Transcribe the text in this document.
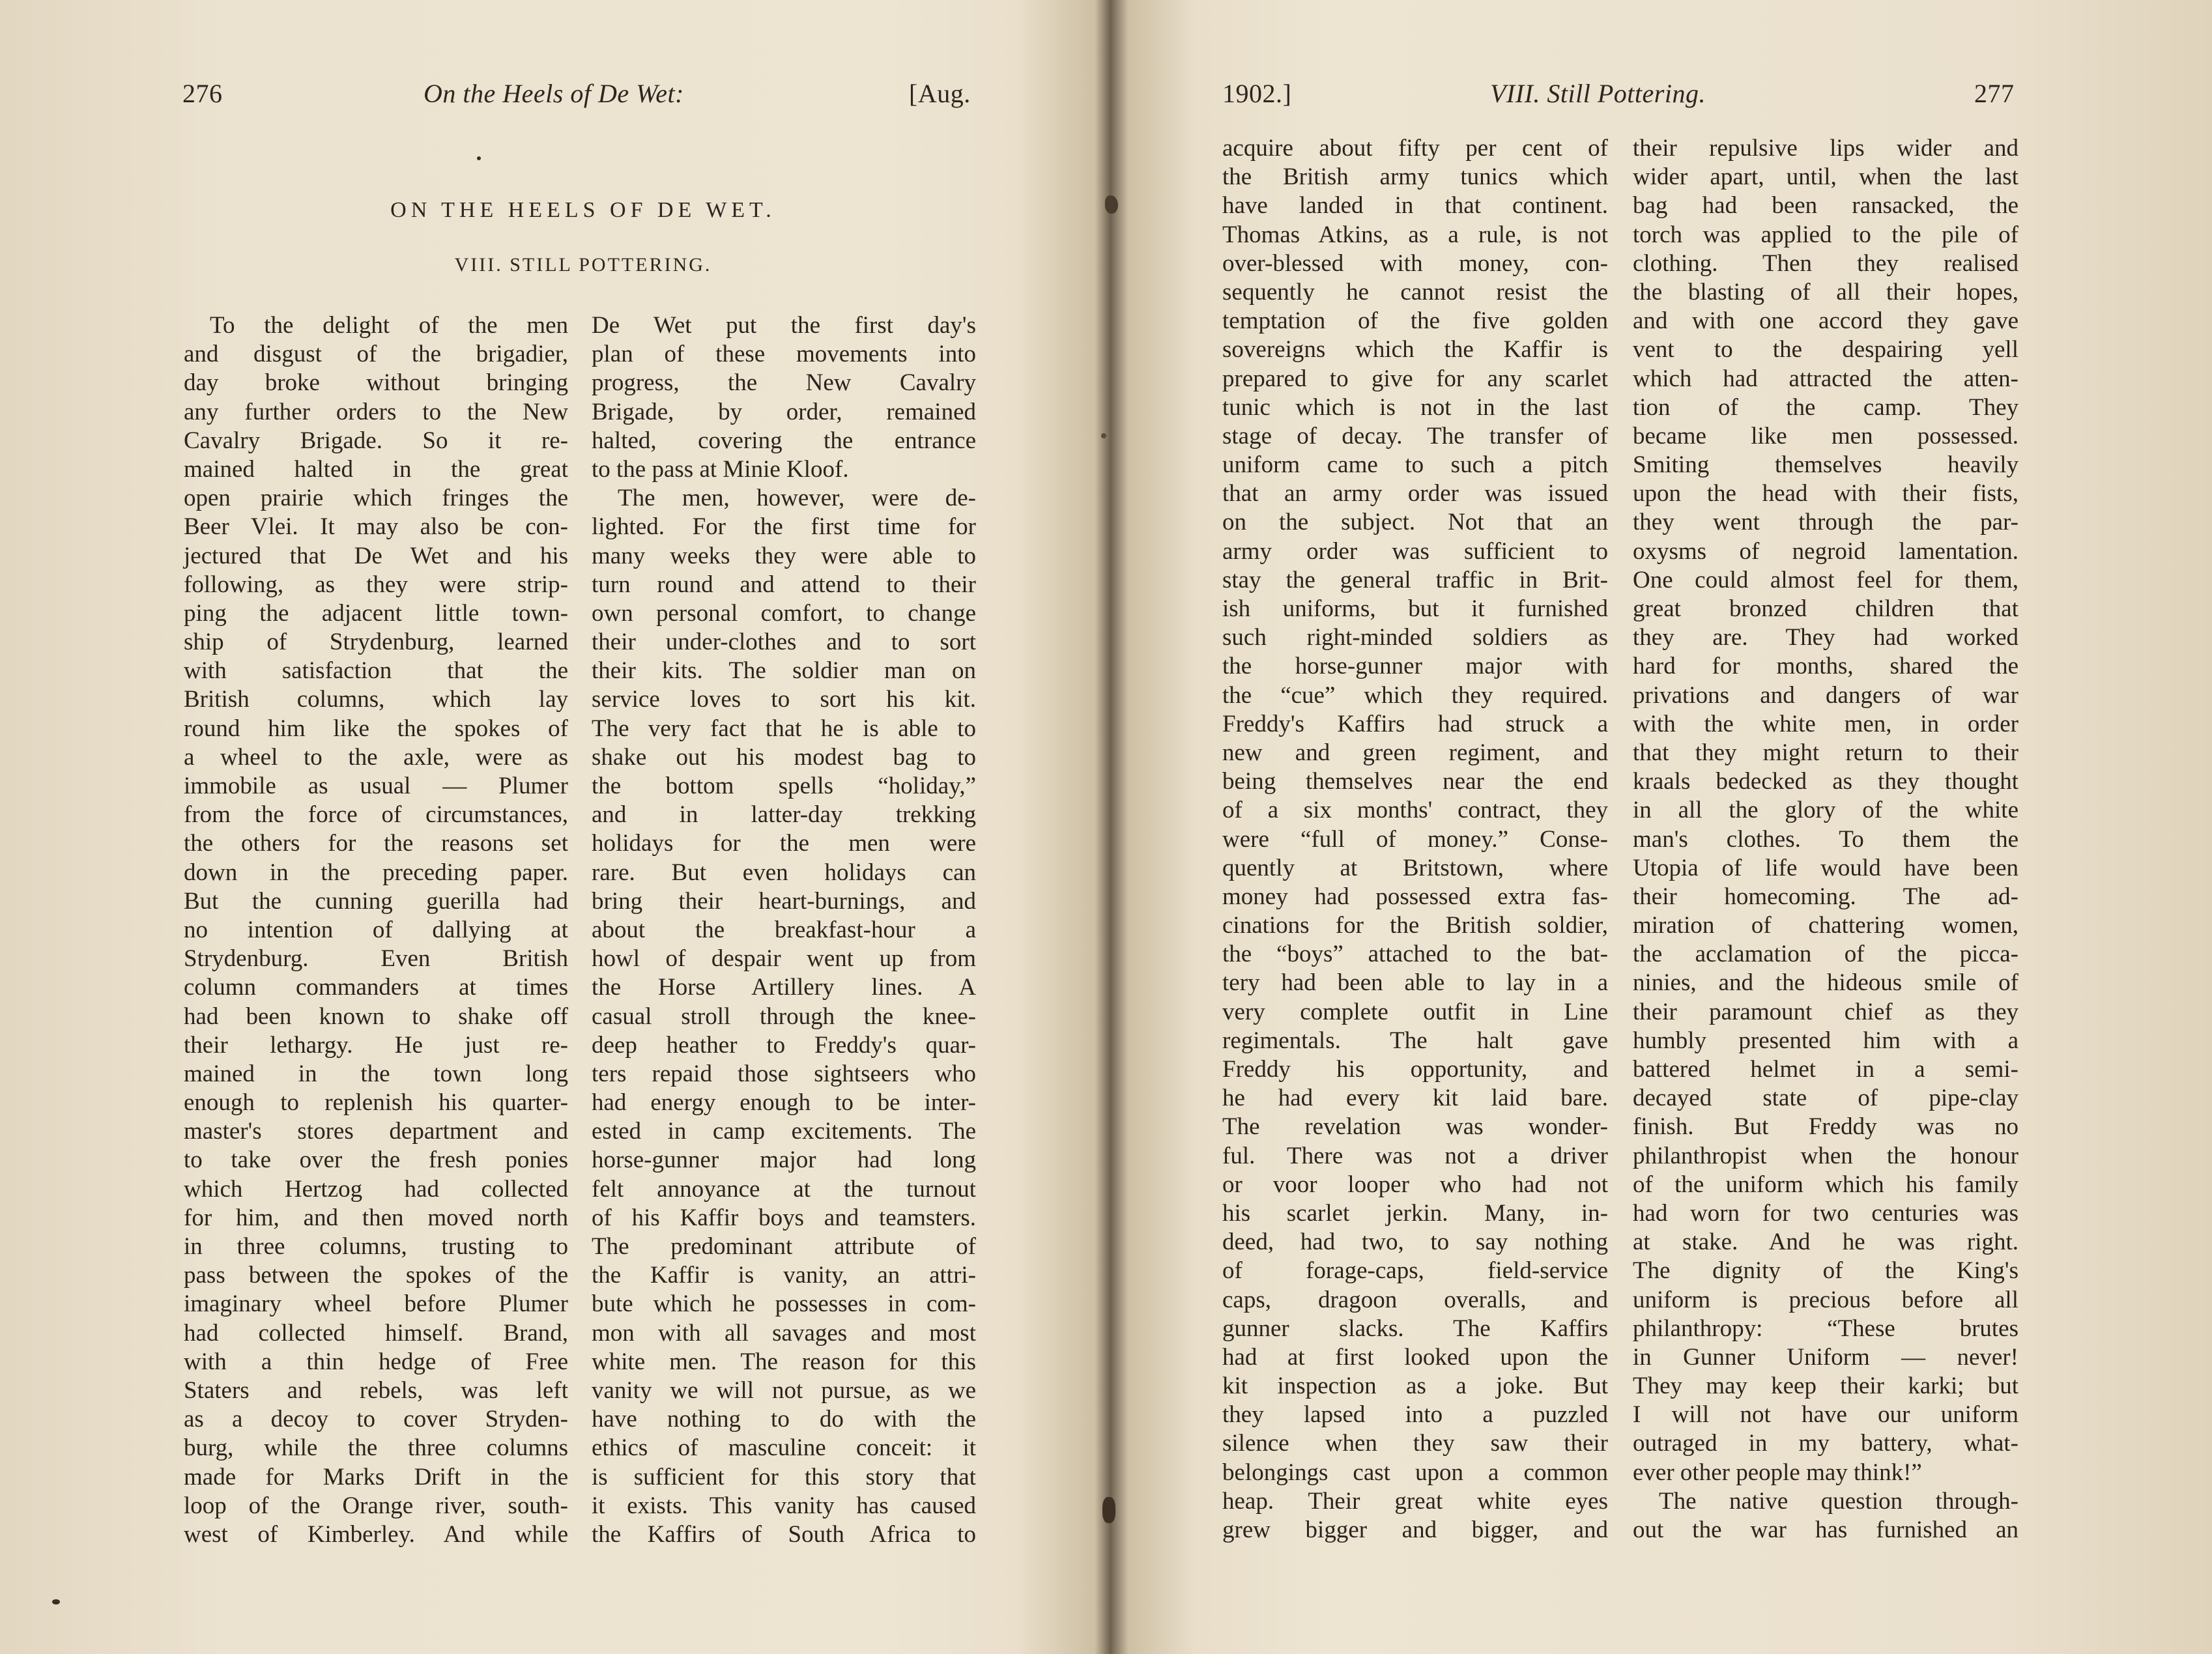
276	On the Heels of De Wet:	[Aug.
ON THE HEELS OF DE WET.
VIII. STILL POTTERING.
To the delight of the men
and disgust of the brigadier,
day broke without bringing
any further orders to the New
Cavalry Brigade. So it re-
mained halted in the great
open prairie which fringes the
Beer Vlei. It may also be con-
jectured that De Wet and his
following, as they were strip-
ping the adjacent little town-
ship of Strydenburg, learned
with satisfaction that the
British columns, which lay
round him like the spokes of
a wheel to the axle, were as
immobile as usual — Plumer
from the force of circumstances,
the others for the reasons set
down in the preceding paper.
But the cunning guerilla had
no intention of dallying at
Strydenburg. Even British
column commanders at times
had been known to shake off
their lethargy. He just re-
mained in the town long
enough to replenish his quarter-
master's stores department and
to take over the fresh ponies
which Hertzog had collected
for him, and then moved north
in three columns, trusting to
pass between the spokes of the
imaginary wheel before Plumer
had collected himself. Brand,
with a thin hedge of Free
Staters and rebels, was left
as a decoy to cover Stryden-
burg, while the three columns
made for Marks Drift in the
loop of the Orange river, south-
west of Kimberley. And while
De Wet put the first day's
plan of these movements into
progress, the New Cavalry
Brigade, by order, remained
halted, covering the entrance
to the pass at Minie Kloof.
The men, however, were de-
lighted. For the first time for
many weeks they were able to
turn round and attend to their
own personal comfort, to change
their under-clothes and to sort
their kits. The soldier man on
service loves to sort his kit.
The very fact that he is able to
shake out his modest bag to
the bottom spells “holiday,”
and in latter-day trekking
holidays for the men were
rare. But even holidays can
bring their heart-burnings, and
about the breakfast-hour a
howl of despair went up from
the Horse Artillery lines. A
casual stroll through the knee-
deep heather to Freddy's quar-
ters repaid those sightseers who
had energy enough to be inter-
ested in camp excitements. The
horse-gunner major had long
felt annoyance at the turnout
of his Kaffir boys and teamsters.
The predominant attribute of
the Kaffir is vanity, an attri-
bute which he possesses in com-
mon with all savages and most
white men. The reason for this
vanity we will not pursue, as we
have nothing to do with the
ethics of masculine conceit: it
is sufficient for this story that
it exists. This vanity has caused
the Kaffirs of South Africa to
1902.]	VIII. Still Pottering.	277
acquire about fifty per cent of
the British army tunics which
have landed in that continent.
Thomas Atkins, as a rule, is not
over-blessed with money, con-
sequently he cannot resist the
temptation of the five golden
sovereigns which the Kaffir is
prepared to give for any scarlet
tunic which is not in the last
stage of decay. The transfer of
uniform came to such a pitch
that an army order was issued
on the subject. Not that an
army order was sufficient to
stay the general traffic in Brit-
ish uniforms, but it furnished
such right-minded soldiers as
the horse-gunner major with
the “cue” which they required.
Freddy's Kaffirs had struck a
new and green regiment, and
being themselves near the end
of a six months' contract, they
were “full of money.” Conse-
quently at Britstown, where
money had possessed extra fas-
cinations for the British soldier,
the “boys” attached to the bat-
tery had been able to lay in a
very complete outfit in Line
regimentals. The halt gave
Freddy his opportunity, and
he had every kit laid bare.
The revelation was wonder-
ful. There was not a driver
or voor looper who had not
his scarlet jerkin. Many, in-
deed, had two, to say nothing
of forage-caps, field-service
caps, dragoon overalls, and
gunner slacks. The Kaffirs
had at first looked upon the
kit inspection as a joke. But
they lapsed into a puzzled
silence when they saw their
belongings cast upon a common
heap. Their great white eyes
grew bigger and bigger, and
their repulsive lips wider and
wider apart, until, when the last
bag had been ransacked, the
torch was applied to the pile of
clothing. Then they realised
the blasting of all their hopes,
and with one accord they gave
vent to the despairing yell
which had attracted the atten-
tion of the camp. They
became like men possessed.
Smiting themselves heavily
upon the head with their fists,
they went through the par-
oxysms of negroid lamentation.
One could almost feel for them,
great bronzed children that
they are. They had worked
hard for months, shared the
privations and dangers of war
with the white men, in order
that they might return to their
kraals bedecked as they thought
in all the glory of the white
man's clothes. To them the
Utopia of life would have been
their homecoming. The ad-
miration of chattering women,
the acclamation of the picca-
ninies, and the hideous smile of
their paramount chief as they
humbly presented him with a
battered helmet in a semi-
decayed state of pipe-clay
finish. But Freddy was no
philanthropist when the honour
of the uniform which his family
had worn for two centuries was
at stake. And he was right.
The dignity of the King's
uniform is precious before all
philanthropy: “These brutes
in Gunner Uniform — never!
They may keep their karki; but
I will not have our uniform
outraged in my battery, what-
ever other people may think!”
The native question through-
out the war has furnished an
